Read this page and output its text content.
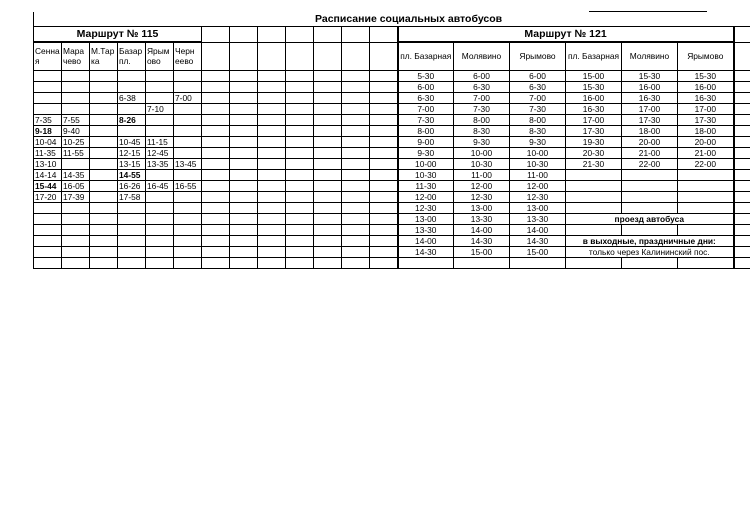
Расписание социальных автобусов
Маршрут № 115													Маршрут № 121							
Сенная	Марачево	М.Тарка	Базар пл.	Ярымово	Черн еево								пл. Базарная	Молявино	Ярымово	пл. Базарная	Молявино	Ярымово		
													5-30	6-00	6-00	15-00	15-30	15-30		
													6-00	6-30	6-30	15-30	16-00	16-00		
			6-38		7-00								6-30	7-00	7-00	16-00	16-30	16-30		
				7-10									7-00	7-30	7-30	16-30	17-00	17-00		
7-35	7-55		8-26										7-30	8-00	8-00	17-00	17-30	17-30		
9-18	9-40												8-00	8-30	8-30	17-30	18-00	18-00		
10-04	10-25		10-45	11-15									9-00	9-30	9-30	19-30	20-00	20-00		
11-35	11-55		12-15	12-45									9-30	10-00	10-00	20-30	21-00	21-00		
13-10			13-15	13-35	13-45								10-00	10-30	10-30	21-30	22-00	22-00		
14-14	14-35		14-55										10-30	11-00	11-00					
15-44	16-05		16-26	16-45	16-55								11-30	12-00	12-00					
17-20	17-39		17-58										12-00	12-30	12-30					
													12-30	13-00	13-00					
													13-00	13-30	13-30	проезд автобуса				
													13-30	14-00	14-00					
													14-00	14-30	14-30	в выходные, праздничные дни:				
													14-30	15-00	15-00	только через Калининский пос.				
